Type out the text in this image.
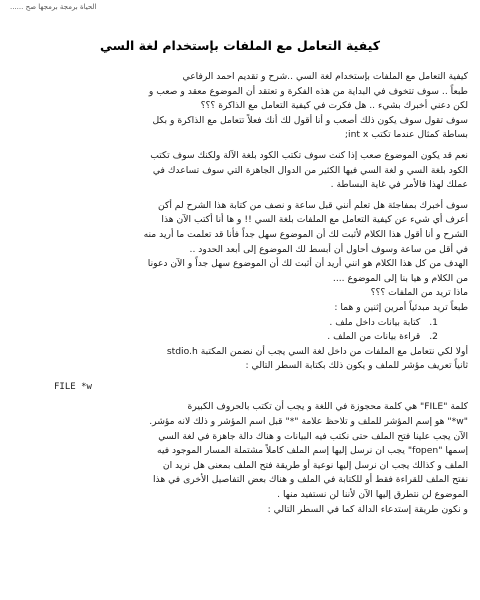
الحياة برمجة برمجها صح ......
كيفية التعامل مع الملفات بإستخدام لغة السي

كيفية التعامل مع الملفات بإستخدام لغة السي ..شرح و تقديم احمد الرفاعي

طبعاً .. سوف تتخوف في البداية من هذه الفكرة و تعتقد أن الموضوع معقد و صعب و

لكن دعني أخبرك بشيء .. هل فكرت في كيفية التعامل مع الذاكرة ؟؟؟

سوف تقول سوف يكون ذلك أصعب و أنا أقول لك أنك فعلاً تتعامل مع الذاكرة و بكل

بساطة كمثال عندما تكتب int x;

نعم قد يكون الموضوع صعب إذا كنت سوف تكتب الكود بلغة الآلة ولكنك سوف تكتب

الكود بلغة السي و لغة السي فيها الكثير من الدوال الجاهزة التي سوف تساعدك في

عملك لهذا فالأمر في غاية البساطة .

سوف أخبرك بمفاجئة هل تعلم أنني قبل ساعة و نصف من كتابة هذا الشرح لم أكن

أعرف أي شيء عن كيفية التعامل مع الملفات بلغة السي !! و ها أنا أكتب الآن هذا

الشرح و أنا أقول هذا الكلام لأثبت لك أن الموضوع سهل جداً فأنا قد تعلمت ما أريد منه

في أقل من ساعة وسوف أحاول أن أبسط لك الموضوع إلى أبعد الحدود ..

الهدف من كل هذا الكلام هو انني أريد أن أثبت لك أن الموضوع سهل جداً و الآن دعونا

من الكلام و هيا بنا إلى الموضوع ....

ماذا تريد من الملفات ؟؟؟

طبعاً تريد مبدئياً أمرين إثنين و هما :

1. كتابة بيانات داخل ملف .
2. قراءة بيانات من الملف .

أولا لكي نتعامل مع الملفات من داخل لغة السي يجب أن نضمن المكتبة stdio.h

ثانياً تعريف مؤشر للملف و يكون ذلك بكتابة السطر التالي :

FILE *w

كلمة "FILE" هي كلمة محجوزة في اللغة و يجب أن تكتب بالحروف الكبيرة

"w*" هو إسم المؤشر للملف و تلاحظ علامة "*" قبل اسم المؤشر و ذلك لانه مؤشر.

الآن يجب علينا فتح الملف حتى نكتب فيه البيانات و هناك دالة جاهزة في لغة السي

إسمها "fopen" يجب ان نرسل إليها إسم الملف كاملاً مشتملة المسار الموجود فيه

الملف و كذالك يجب ان نرسل إليها نوعية أو طريقة فتح الملف بمعنى هل نريد ان

نفتح الملف للقراءة فقط أو للكتابة في الملف و هناك بعض التفاصيل الأخرى في هذا

الموضوع لن نتطرق إليها الآن لأننا لن نستفيد منها .

و نكون طريقة إستدعاء الدالة كما في السطر التالي :
